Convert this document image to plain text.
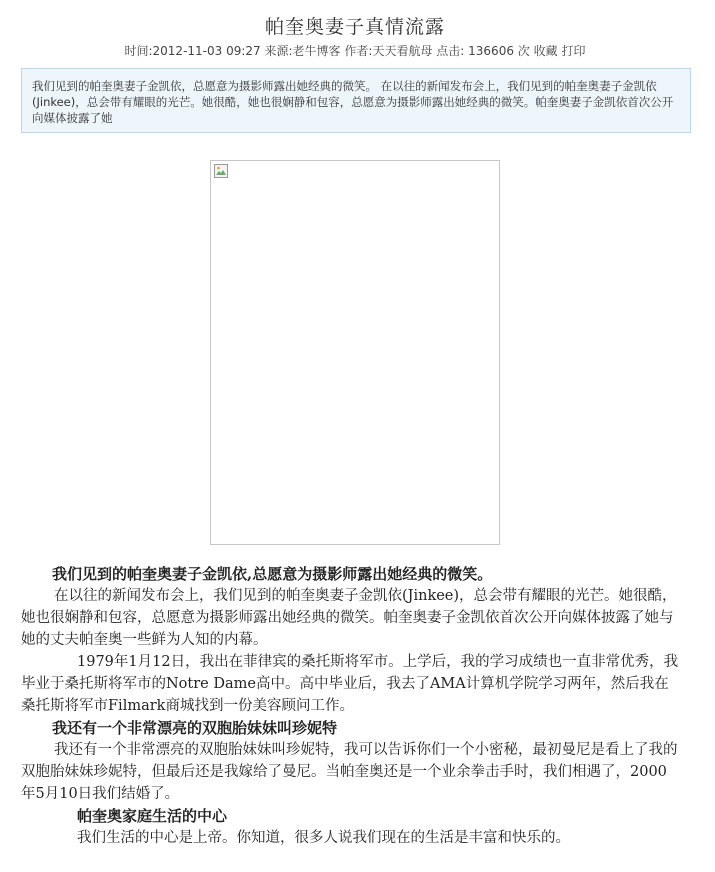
帕奎奥妻子真情流露
时间:2012-11-03 09:27 来源:老牛博客 作者:天天看航母 点击: 136606 次 收藏 打印
我们见到的帕奎奥妻子金凯依，总愿意为摄影师露出她经典的微笑。 在以往的新闻发布会上，我们见到的帕奎奥妻子金凯依 (Jinkee)，总会带有耀眼的光芒。她很酷，她也很娴静和包容，总愿意为摄影师露出她经典的微笑。帕奎奥妻子金凯依首次公开向媒体披露了她

我们见到的帕奎奥妻子金凯依,总愿意为摄影师露出她经典的微笑。

在以往的新闻发布会上，我们见到的帕奎奥妻子金凯依(Jinkee)，总会带有耀眼的光芒。她很酷，她也很娴静和包容，总愿意为摄影师露出她经典的微笑。帕奎奥妻子金凯依首次公开向媒体披露了她与她的丈夫帕奎奥一些鲜为人知的内幕。

1979年1月12日，我出在菲律宾的桑托斯将军市。上学后，我的学习成绩也一直非常优秀，我毕业于桑托斯将军市的Notre Dame高中。高中毕业后，我去了AMA计算机学院学习两年，然后我在桑托斯将军市Filmark商城找到一份美容顾问工作。

我还有一个非常漂亮的双胞胎妹妹叫珍妮特

我还有一个非常漂亮的双胞胎妹妹叫珍妮特，我可以告诉你们一个小密秘，最初曼尼是看上了我的双胞胎妹妹珍妮特，但最后还是我嫁给了曼尼。当帕奎奥还是一个业余拳击手时，我们相遇了，2000年5月10日我们结婚了。

帕奎奥家庭生活的中心

我们生活的中心是上帝。你知道，很多人说我们现在的生活是丰富和快乐的。
